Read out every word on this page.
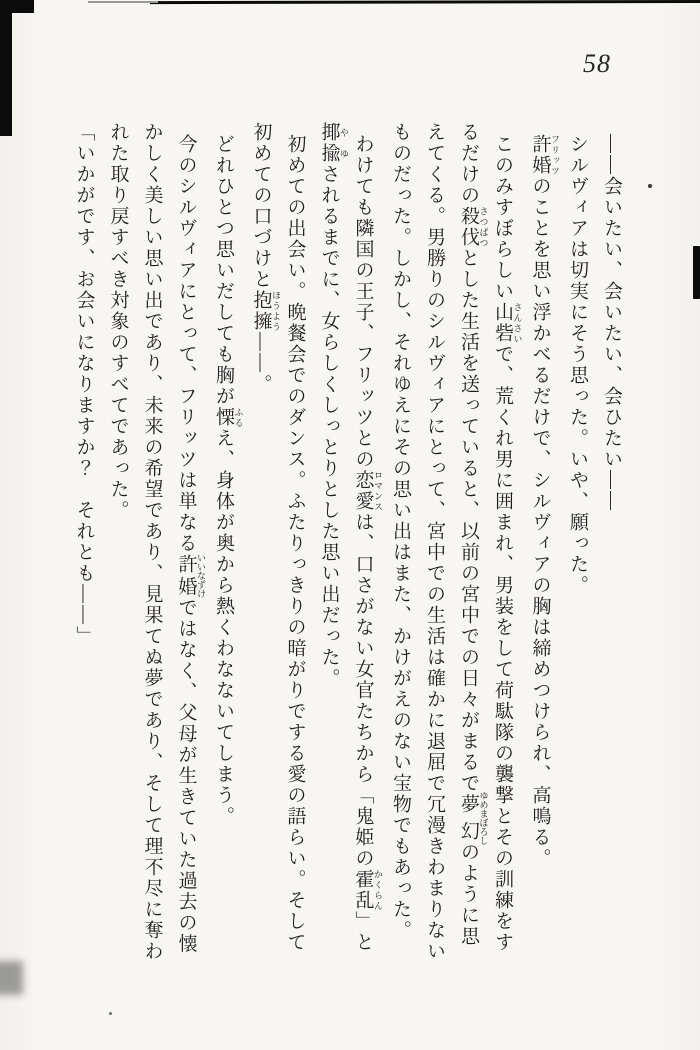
58

――会いたい、会いたい、会ひたい――

シルヴィアは切実にそう思った。いや、願った。

許婚 フリッツのことを思い浮かべるだけで、シルヴィアの胸は締めつけられ、高鳴る。

このみすぼらしい山砦 さんさいで、荒くれ男に囲まれ、男装をして荷駄隊の襲撃とその訓練をするだけの殺伐 さつばつとした生活を送っていると、以前の宮中での日々がまるで夢幻 ゆめまぼろしのように思えてくる。男勝りのシルヴィアにとって、宮中での生活は確かに退屈で冗漫きわまりないものだった。しかし、それゆえにその思い出はまた、かけがえのない宝物でもあった。

わけても隣国の王子、フリッツとの恋愛 ロマンスは、口さがない女官たちから「鬼姫の霍乱 かくらん」と揶揄 やゆされるまでに、女らしくしっとりとした思い出だった。

初めての出会い。晩餐会でのダンス。ふたりっきりの暗がりでする愛の語らい。そして初めての口づけと抱擁 ほうよう――。

どれひとつ思いだしても胸が慄 ふるえ、身体が奥から熱くわなないてしまう。

今のシルヴィアにとって、フリッツは単なる許婚 いいなずけではなく、父母が生きていた過去の懐かしく美しい思い出であり、未来の希望であり、見果てぬ夢であり、そして理不尽に奪われた取り戻すべき対象のすべてであった。

「いかがです、お会いになりますか？　それとも――」
